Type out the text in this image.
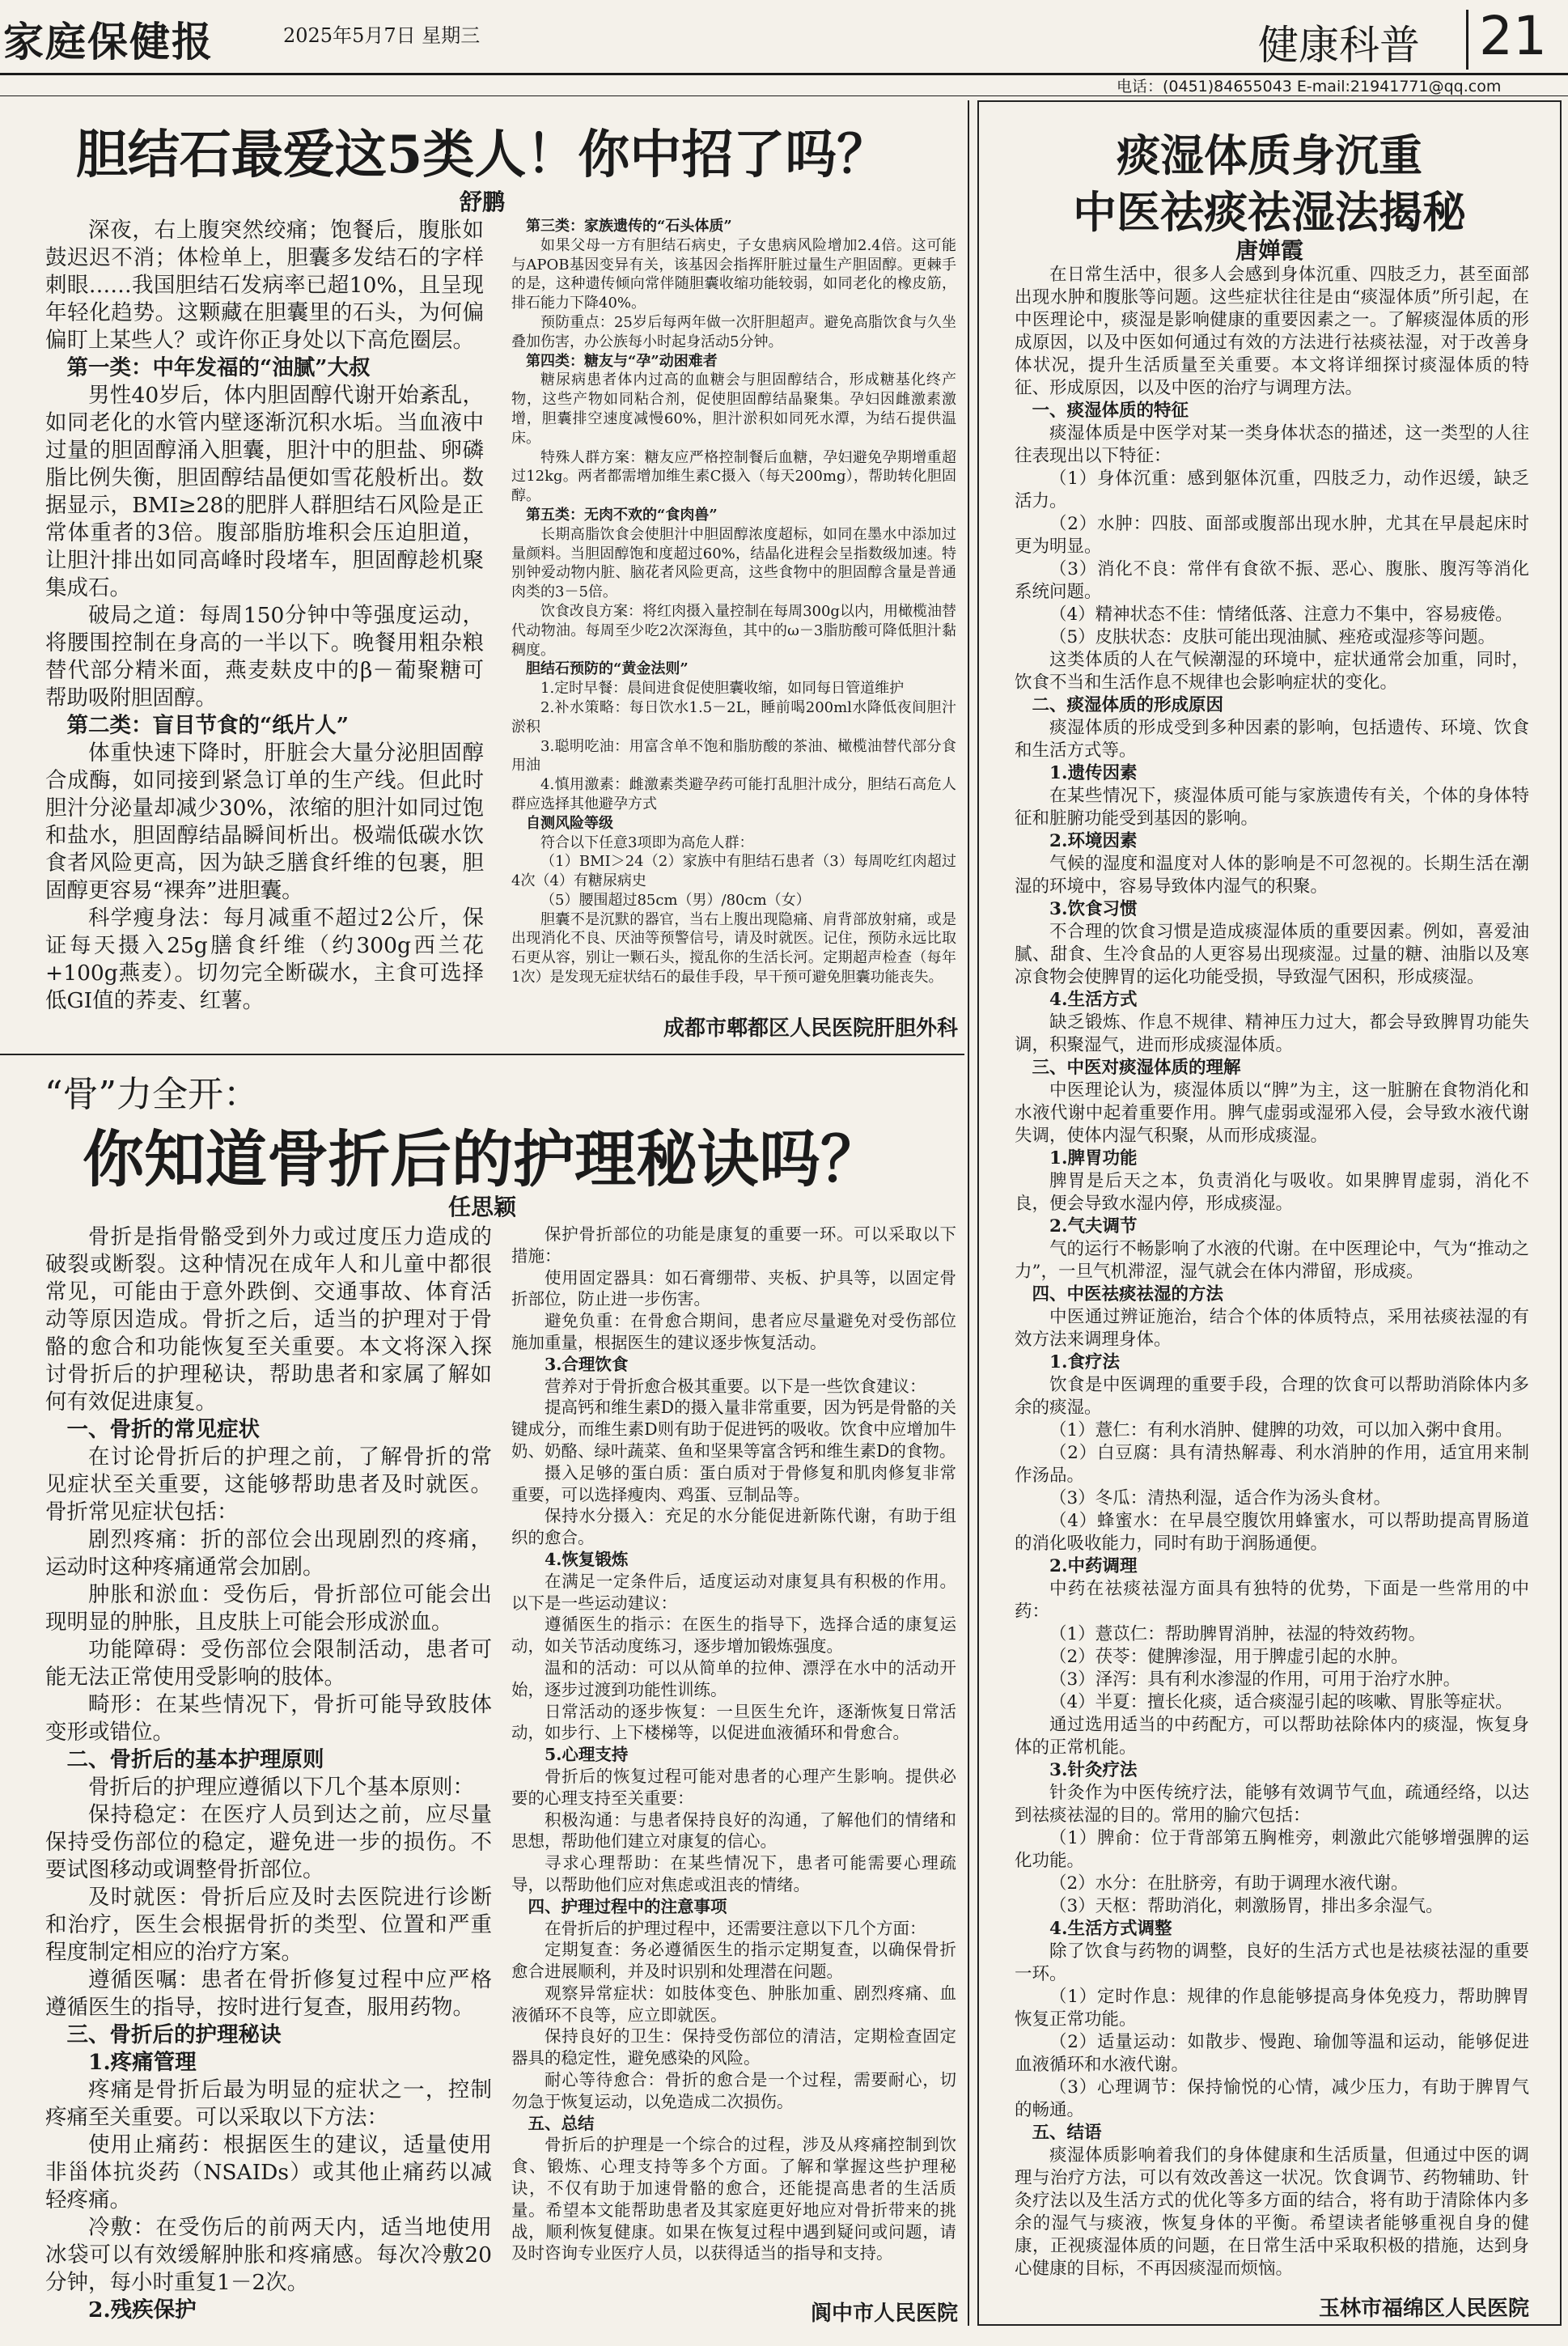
家庭保健报	2025年5月7日 星期三	健康科普 21
电话：(0451)84655043 E-mail:21941771@qq.com
胆结石最爱这5类人！你中招了吗？
舒鹏

深夜，右上腹突然绞痛；饱餐后，腹胀如鼓迟迟不消；体检单上，胆囊多发结石的字样刺眼……我国胆结石发病率已超10%，且呈现年轻化趋势。这颗藏在胆囊里的石头，为何偏偏盯上某些人？或许你正身处以下高危圈层。

第一类：中年发福的“油腻”大叔

男性40岁后，体内胆固醇代谢开始紊乱，如同老化的水管内壁逐渐沉积水垢。当血液中过量的胆固醇涌入胆囊，胆汁中的胆盐、卵磷脂比例失衡，胆固醇结晶便如雪花般析出。数据显示，BMI≥28的肥胖人群胆结石风险是正常体重者的3倍。腹部脂肪堆积会压迫胆道，让胆汁排出如同高峰时段堵车，胆固醇趁机聚集成石。

破局之道：每周150分钟中等强度运动，将腰围控制在身高的一半以下。晚餐用粗杂粮替代部分精米面，燕麦麸皮中的β－葡聚糖可帮助吸附胆固醇。

第二类：盲目节食的“纸片人”

体重快速下降时，肝脏会大量分泌胆固醇合成酶，如同接到紧急订单的生产线。但此时胆汁分泌量却减少30%，浓缩的胆汁如同过饱和盐水，胆固醇结晶瞬间析出。极端低碳水饮食者风险更高，因为缺乏膳食纤维的包裹，胆固醇更容易“裸奔”进胆囊。

科学瘦身法：每月减重不超过2公斤，保证每天摄入25g膳食纤维（约300g西兰花+100g燕麦）。切勿完全断碳水，主食可选择低GI值的荞麦、红薯。

第三类：家族遗传的“石头体质”

如果父母一方有胆结石病史，子女患病风险增加2.4倍。这可能与APOB基因变异有关，该基因会指挥肝脏过量生产胆固醇。更棘手的是，这种遗传倾向常伴随胆囊收缩功能较弱，如同老化的橡皮筋，排石能力下降40%。

预防重点：25岁后每两年做一次肝胆超声。避免高脂饮食与久坐叠加伤害，办公族每小时起身活动5分钟。

第四类：糖友与“孕”动困难者

糖尿病患者体内过高的血糖会与胆固醇结合，形成糖基化终产物，这些产物如同粘合剂，促使胆固醇结晶聚集。孕妇因雌激素激增，胆囊排空速度减慢60%，胆汁淤积如同死水潭，为结石提供温床。

特殊人群方案：糖友应严格控制餐后血糖，孕妇避免孕期增重超过12kg。两者都需增加维生素C摄入（每天200mg），帮助转化胆固醇。

第五类：无肉不欢的“食肉兽”

长期高脂饮食会使胆汁中胆固醇浓度超标，如同在墨水中添加过量颜料。当胆固醇饱和度超过60%，结晶化进程会呈指数级加速。特别钟爱动物内脏、脑花者风险更高，这些食物中的胆固醇含量是普通肉类的3－5倍。

饮食改良方案：将红肉摄入量控制在每周300g以内，用橄榄油替代动物油。每周至少吃2次深海鱼，其中的ω－3脂肪酸可降低胆汁黏稠度。

胆结石预防的“黄金法则”

1.定时早餐：晨间进食促使胆囊收缩，如同每日管道维护

2.补水策略：每日饮水1.5－2L，睡前喝200ml水降低夜间胆汁淤积

3.聪明吃油：用富含单不饱和脂肪酸的茶油、橄榄油替代部分食用油

4.慎用激素：雌激素类避孕药可能打乱胆汁成分，胆结石高危人群应选择其他避孕方式

自测风险等级

符合以下任意3项即为高危人群：

（1）BMI＞24（2）家族中有胆结石患者（3）每周吃红肉超过4次（4）有糖尿病史

（5）腰围超过85cm（男）/80cm（女）

胆囊不是沉默的器官，当右上腹出现隐痛、肩背部放射痛，或是出现消化不良、厌油等预警信号，请及时就医。记住，预防永远比取石更从容，别让一颗石头，搅乱你的生活长河。定期超声检查（每年1次）是发现无症状结石的最佳手段，早干预可避免胆囊功能丧失。

成都市郫都区人民医院肝胆外科
“骨”力全开：
你知道骨折后的护理秘诀吗？
任思颖

骨折是指骨骼受到外力或过度压力造成的破裂或断裂。这种情况在成年人和儿童中都很常见，可能由于意外跌倒、交通事故、体育活动等原因造成。骨折之后，适当的护理对于骨骼的愈合和功能恢复至关重要。本文将深入探讨骨折后的护理秘诀，帮助患者和家属了解如何有效促进康复。

一、骨折的常见症状

在讨论骨折后的护理之前，了解骨折的常见症状至关重要，这能够帮助患者及时就医。骨折常见症状包括：

剧烈疼痛：折的部位会出现剧烈的疼痛，运动时这种疼痛通常会加剧。

肿胀和淤血：受伤后，骨折部位可能会出现明显的肿胀，且皮肤上可能会形成淤血。

功能障碍：受伤部位会限制活动，患者可能无法正常使用受影响的肢体。

畸形：在某些情况下，骨折可能导致肢体变形或错位。

二、骨折后的基本护理原则

骨折后的护理应遵循以下几个基本原则：

保持稳定：在医疗人员到达之前，应尽量保持受伤部位的稳定，避免进一步的损伤。不要试图移动或调整骨折部位。

及时就医：骨折后应及时去医院进行诊断和治疗，医生会根据骨折的类型、位置和严重程度制定相应的治疗方案。

遵循医嘱：患者在骨折修复过程中应严格遵循医生的指导，按时进行复查，服用药物。

三、骨折后的护理秘诀

1.疼痛管理

疼痛是骨折后最为明显的症状之一，控制疼痛至关重要。可以采取以下方法：

使用止痛药：根据医生的建议，适量使用非甾体抗炎药（NSAIDs）或其他止痛药以减轻疼痛。

冷敷：在受伤后的前两天内，适当地使用冰袋可以有效缓解肿胀和疼痛感。每次冷敷20分钟，每小时重复1－2次。

2.残疾保护

保护骨折部位的功能是康复的重要一环。可以采取以下措施：

使用固定器具：如石膏绷带、夹板、护具等，以固定骨折部位，防止进一步伤害。

避免负重：在骨愈合期间，患者应尽量避免对受伤部位施加重量，根据医生的建议逐步恢复活动。

3.合理饮食

营养对于骨折愈合极其重要。以下是一些饮食建议：

提高钙和维生素D的摄入量非常重要，因为钙是骨骼的关键成分，而维生素D则有助于促进钙的吸收。饮食中应增加牛奶、奶酪、绿叶蔬菜、鱼和坚果等富含钙和维生素D的食物。

摄入足够的蛋白质：蛋白质对于骨修复和肌肉修复非常重要，可以选择瘦肉、鸡蛋、豆制品等。

保持水分摄入：充足的水分能促进新陈代谢，有助于组织的愈合。

4.恢复锻炼

在满足一定条件后，适度运动对康复具有积极的作用。以下是一些运动建议：

遵循医生的指示：在医生的指导下，选择合适的康复运动，如关节活动度练习，逐步增加锻炼强度。

温和的活动：可以从简单的拉伸、漂浮在水中的活动开始，逐步过渡到功能性训练。

日常活动的逐步恢复：一旦医生允许，逐渐恢复日常活动，如步行、上下楼梯等，以促进血液循环和骨愈合。

5.心理支持

骨折后的恢复过程可能对患者的心理产生影响。提供必要的心理支持至关重要：

积极沟通：与患者保持良好的沟通，了解他们的情绪和思想，帮助他们建立对康复的信心。

寻求心理帮助：在某些情况下，患者可能需要心理疏导，以帮助他们应对焦虑或沮丧的情绪。

四、护理过程中的注意事项

在骨折后的护理过程中，还需要注意以下几个方面：

定期复查：务必遵循医生的指示定期复查，以确保骨折愈合进展顺利，并及时识别和处理潜在问题。

观察异常症状：如肢体变色、肿胀加重、剧烈疼痛、血液循环不良等，应立即就医。

保持良好的卫生：保持受伤部位的清洁，定期检查固定器具的稳定性，避免感染的风险。

耐心等待愈合：骨折的愈合是一个过程，需要耐心，切勿急于恢复运动，以免造成二次损伤。

五、总结

骨折后的护理是一个综合的过程，涉及从疼痛控制到饮食、锻炼、心理支持等多个方面。了解和掌握这些护理秘诀，不仅有助于加速骨骼的愈合，还能提高患者的生活质量。希望本文能帮助患者及其家庭更好地应对骨折带来的挑战，顺利恢复健康。如果在恢复过程中遇到疑问或问题，请及时咨询专业医疗人员，以获得适当的指导和支持。

阆中市人民医院
痰湿体质身沉重
中医祛痰祛湿法揭秘
唐婵霞

在日常生活中，很多人会感到身体沉重、四肢乏力，甚至面部出现水肿和腹胀等问题。这些症状往往是由“痰湿体质”所引起，在中医理论中，痰湿是影响健康的重要因素之一。了解痰湿体质的形成原因，以及中医如何通过有效的方法进行祛痰祛湿，对于改善身体状况，提升生活质量至关重要。本文将详细探讨痰湿体质的特征、形成原因，以及中医的治疗与调理方法。

一、痰湿体质的特征

痰湿体质是中医学对某一类身体状态的描述，这一类型的人往往表现出以下特征：

（1）身体沉重：感到躯体沉重，四肢乏力，动作迟缓，缺乏活力。

（2）水肿：四肢、面部或腹部出现水肿，尤其在早晨起床时更为明显。

（3）消化不良：常伴有食欲不振、恶心、腹胀、腹泻等消化系统问题。

（4）精神状态不佳：情绪低落、注意力不集中，容易疲倦。

（5）皮肤状态：皮肤可能出现油腻、痤疮或湿疹等问题。

这类体质的人在气候潮湿的环境中，症状通常会加重，同时，饮食不当和生活作息不规律也会影响症状的变化。

二、痰湿体质的形成原因

痰湿体质的形成受到多种因素的影响，包括遗传、环境、饮食和生活方式等。

1.遗传因素

在某些情况下，痰湿体质可能与家族遗传有关，个体的身体特征和脏腑功能受到基因的影响。

2.环境因素

气候的湿度和温度对人体的影响是不可忽视的。长期生活在潮湿的环境中，容易导致体内湿气的积聚。

3.饮食习惯

不合理的饮食习惯是造成痰湿体质的重要因素。例如，喜爱油腻、甜食、生冷食品的人更容易出现痰湿。过量的糖、油脂以及寒凉食物会使脾胃的运化功能受损，导致湿气困积，形成痰湿。

4.生活方式

缺乏锻炼、作息不规律、精神压力过大，都会导致脾胃功能失调，积聚湿气，进而形成痰湿体质。

三、中医对痰湿体质的理解

中医理论认为，痰湿体质以“脾”为主，这一脏腑在食物消化和水液代谢中起着重要作用。脾气虚弱或湿邪入侵，会导致水液代谢失调，使体内湿气积聚，从而形成痰湿。

1.脾胃功能

脾胃是后天之本，负责消化与吸收。如果脾胃虚弱，消化不良，便会导致水湿内停，形成痰湿。

2.气夫调节

气的运行不畅影响了水液的代谢。在中医理论中，气为“推动之力”，一旦气机滞涩，湿气就会在体内滞留，形成痰。

四、中医祛痰祛湿的方法

中医通过辨证施治，结合个体的体质特点，采用祛痰祛湿的有效方法来调理身体。

1.食疗法

饮食是中医调理的重要手段，合理的饮食可以帮助消除体内多余的痰湿。

（1）薏仁：有利水消肿、健脾的功效，可以加入粥中食用。

（2）白豆腐：具有清热解毒、利水消肿的作用，适宜用来制作汤品。

（3）冬瓜：清热利湿，适合作为汤头食材。

（4）蜂蜜水：在早晨空腹饮用蜂蜜水，可以帮助提高胃肠道的消化吸收能力，同时有助于润肠通便。

2.中药调理

中药在祛痰祛湿方面具有独特的优势，下面是一些常用的中药：

（1）薏苡仁：帮助脾胃消肿，祛湿的特效药物。

（2）茯苓：健脾渗湿，用于脾虚引起的水肿。

（3）泽泻：具有利水渗湿的作用，可用于治疗水肿。

（4）半夏：擅长化痰，适合痰湿引起的咳嗽、胃胀等症状。

通过选用适当的中药配方，可以帮助祛除体内的痰湿，恢复身体的正常机能。

3.针灸疗法

针灸作为中医传统疗法，能够有效调节气血，疏通经络，以达到祛痰祛湿的目的。常用的腧穴包括：

（1）脾俞：位于背部第五胸椎旁，刺激此穴能够增强脾的运化功能。

（2）水分：在肚脐旁，有助于调理水液代谢。

（3）天枢：帮助消化，刺激肠胃，排出多余湿气。

4.生活方式调整

除了饮食与药物的调整，良好的生活方式也是祛痰祛湿的重要一环。

（1）定时作息：规律的作息能够提高身体免疫力，帮助脾胃恢复正常功能。

（2）适量运动：如散步、慢跑、瑜伽等温和运动，能够促进血液循环和水液代谢。

（3）心理调节：保持愉悦的心情，减少压力，有助于脾胃气的畅通。

五、结语

痰湿体质影响着我们的身体健康和生活质量，但通过中医的调理与治疗方法，可以有效改善这一状况。饮食调节、药物辅助、针灸疗法以及生活方式的优化等多方面的结合，将有助于清除体内多余的湿气与痰液，恢复身体的平衡。希望读者能够重视自身的健康，正视痰湿体质的问题，在日常生活中采取积极的措施，达到身心健康的目标，不再因痰湿而烦恼。

玉林市福绵区人民医院
